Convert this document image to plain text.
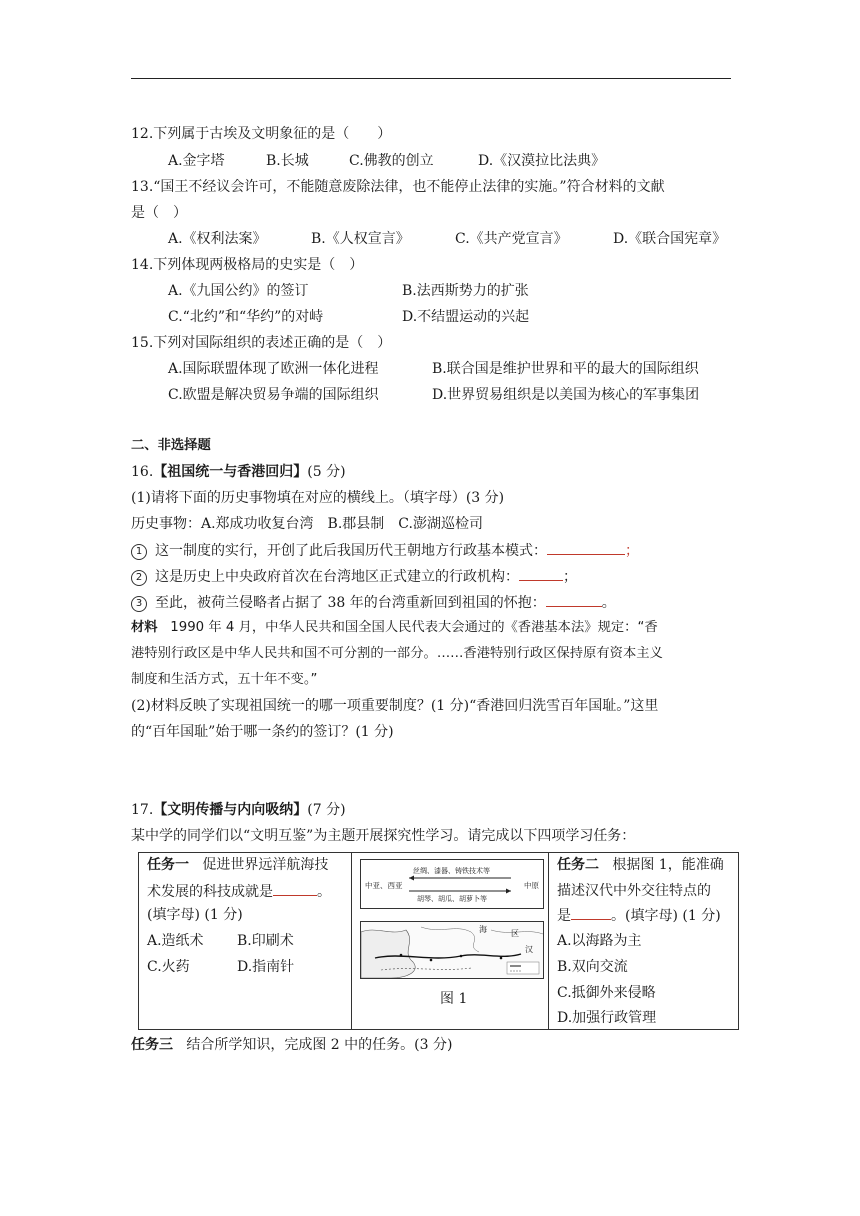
12.下列属于古埃及文明象征的是（　　）
A.金字塔	B.长城	C.佛教的创立	D.《汉漠拉比法典》
13.“国王不经议会许可，不能随意废除法律，也不能停止法律的实施。”符合材料的文献
是（　）
A.《权利法案》	B.《人权宣言》	C.《共产党宣言》	D.《联合国宪章》
14.下列体现两极格局的史实是（　）
A.《九国公约》的签订	B.法西斯势力的扩张
C.“北约”和“华约”的对峙	D.不结盟运动的兴起
15.下列对国际组织的表述正确的是（　）
A.国际联盟体现了欧洲一体化进程	B.联合国是维护世界和平的最大的国际组织
C.欧盟是解决贸易争端的国际组织	D.世界贸易组织是以美国为核心的军事集团
二、非选择题
16.【祖国统一与香港回归】(5 分)
(1)请将下面的历史事物填在对应的横线上。（填字母）(3 分)
历史事物：A.郑成功收复台湾　B.郡县制　C.澎湖巡检司
1 这一制度的实行，开创了此后我国历代王朝地方行政基本模式：	；
2 这是历史上中央政府首次在台湾地区正式建立的行政机构：	；
3 至此，被荷兰侵略者占据了 38 年的台湾重新回到祖国的怀抱：	。
材料 1990 年 4 月，中华人民共和国全国人民代表大会通过的《香港基本法》规定：“香
港特别行政区是中华人民共和国不可分割的一部分。……香港特别行政区保持原有资本主义
制度和生活方式，五十年不变。”
(2)材料反映了实现祖国统一的哪一项重要制度？(1 分)“香港回归洗雪百年国耻。”这里
的“百年国耻”始于哪一条约的签订？(1 分)
17.【文明传播与内向吸纳】(7 分)
某中学的同学们以“文明互鉴”为主题开展探究性学习。请完成以下四项学习任务：
任务一 促进世界远洋航海技
术发展的科技成就是	。
(填字母) (1 分)
A.造纸术 B.印刷术
C.火药	D.指南针

中亚、西亚	中原
丝绸、漆器、铸铁技术等
胡琴、胡瓜、胡萝卜等
海	区
汉
图 1

任务二 根据图 1，能准确
描述汉代中外交往特点的
是	。(填字母) (1 分)
A.以海路为主
B.双向交流
C.抵御外来侵略
D.加强行政管理
任务三 结合所学知识，完成图 2 中的任务。(3 分)
